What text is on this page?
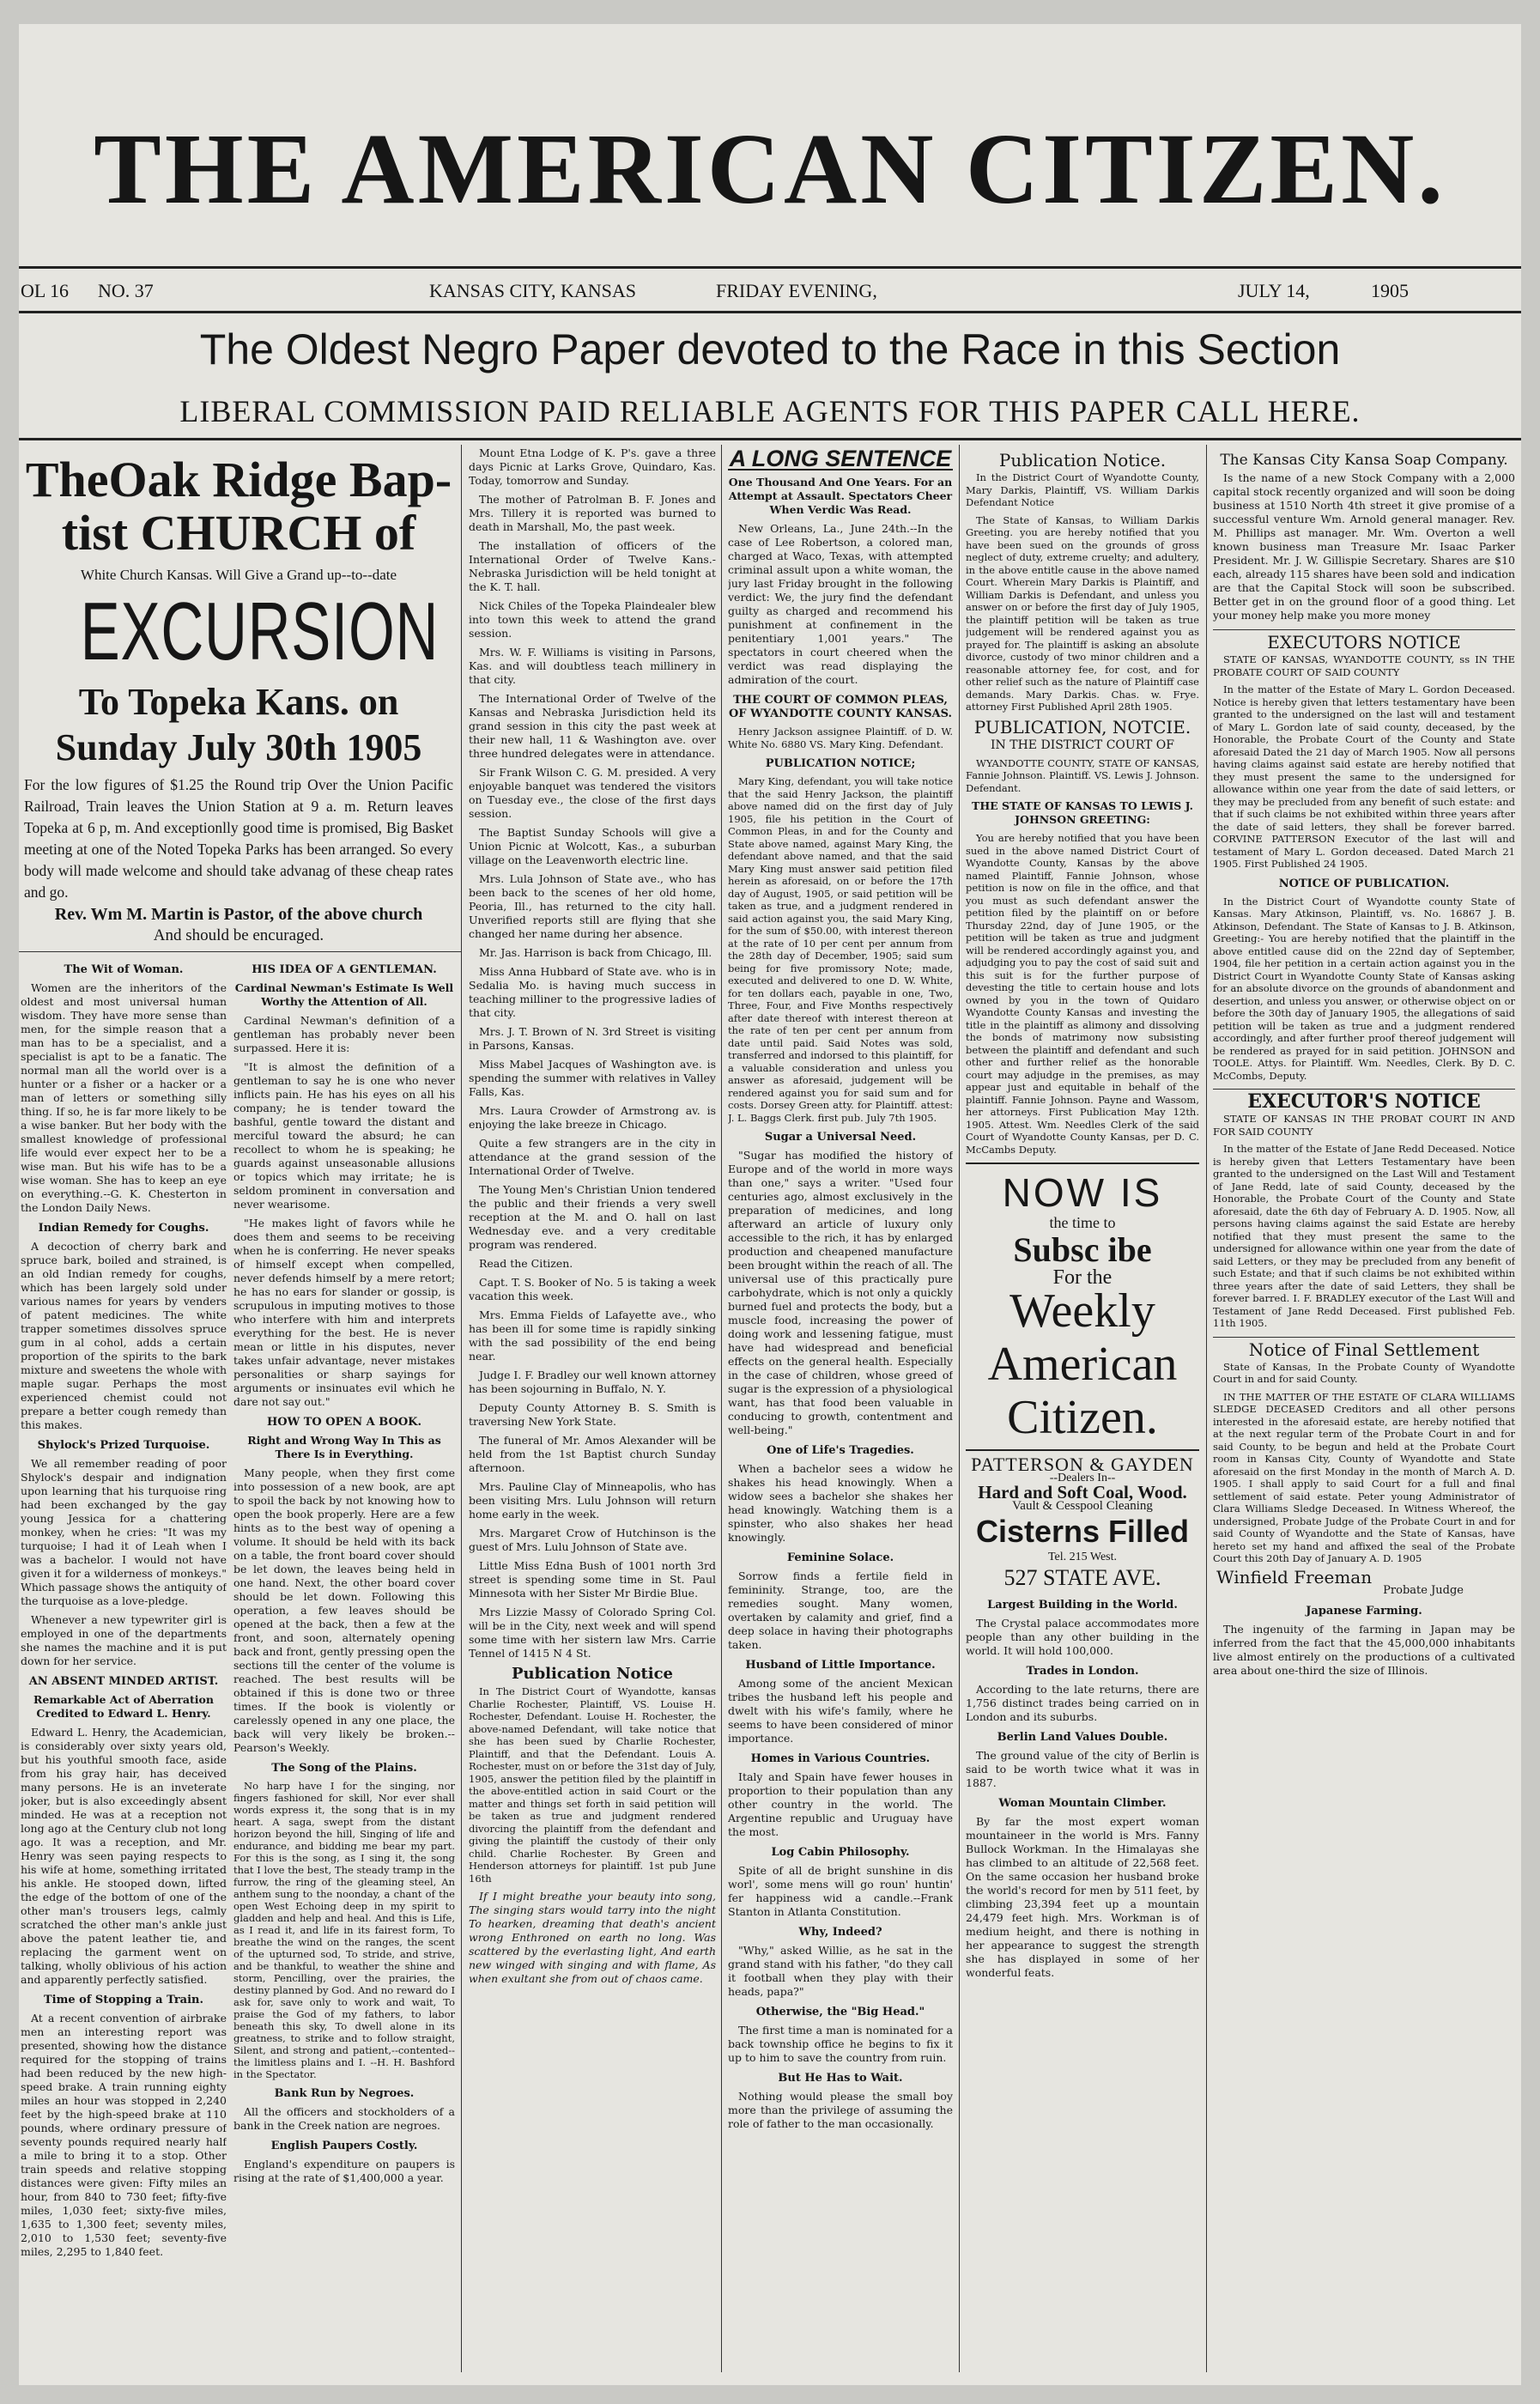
THE AMERICAN CITIZEN.
OL 16 NO. 37	KANSAS CITY, KANSAS	FRIDAY EVENING,	JULY 14,	1905
The Oldest Negro Paper devoted to the Race in this Section
LIBERAL COMMISSION PAID RELIABLE AGENTS FOR THIS PAPER CALL HERE.
TheOak Ridge Bap-
tist CHURCH of
White Church Kansas. Will Give a Grand up--to--date
EXCURSION
To Topeka Kans. on
Sunday July 30th 1905
For the low figures of $1.25 the Round trip Over the Union Pacific Railroad, Train leaves the Union Station at 9 a. m. Return leaves Topeka at 6 p, m. And exceptionlly good time is promised, Big Basket meeting at one of the Noted Topeka Parks has been arranged. So every body will made welcome and should take advanag of these cheap rates and go.
Rev. Wm M. Martin is Pastor, of the above church
And should be encuraged.
The Wit of Woman.

Women are the inheritors of the oldest and most universal human wisdom. They have more sense than men, for the simple reason that a man has to be a specialist, and a specialist is apt to be a fanatic. The normal man all the world over is a hunter or a fisher or a hacker or a man of letters or something silly thing. If so, he is far more likely to be a wise banker. But her body with the smallest knowledge of professional life would ever expect her to be a wise man. But his wife has to be a wise woman. She has to keep an eye on everything.--G. K. Chesterton in the London Daily News.

Indian Remedy for Coughs.

A decoction of cherry bark and spruce bark, boiled and strained, is an old Indian remedy for coughs, which has been largely sold under various names for years by venders of patent medicines. The white trapper sometimes dissolves spruce gum in al cohol, adds a certain proportion of the spirits to the bark mixture and sweetens the whole with maple sugar. Perhaps the most experienced chemist could not prepare a better cough remedy than this makes.

Shylock's Prized Turquoise.

We all remember reading of poor Shylock's despair and indignation upon learning that his turquoise ring had been exchanged by the gay young Jessica for a chattering monkey, when he cries: "It was my turquoise; I had it of Leah when I was a bachelor. I would not have given it for a wilderness of monkeys." Which passage shows the antiquity of the turquoise as a love-pledge.

Whenever a new typewriter girl is employed in one of the departments she names the machine and it is put down for her service.

AN ABSENT MINDED ARTIST.
Remarkable Act of Aberration Credited to Edward L. Henry.

Edward L. Henry, the Academician, is considerably over sixty years old, but his youthful smooth face, aside from his gray hair, has deceived many persons. He is an inveterate joker, but is also exceedingly absent minded. He was at a reception not long ago at the Century club not long ago. It was a reception, and Mr. Henry was seen paying respects to his wife at home, something irritated his ankle. He stooped down, lifted the edge of the bottom of one of the other man's trousers legs, calmly scratched the other man's ankle just above the patent leather tie, and replacing the garment went on talking, wholly oblivious of his action and apparently perfectly satisfied.

Time of Stopping a Train.

At a recent convention of airbrake men an interesting report was presented, showing how the distance required for the stopping of trains had been reduced by the new high-speed brake. A train running eighty miles an hour was stopped in 2,240 feet by the high-speed brake at 110 pounds, where ordinary pressure of seventy pounds required nearly half a mile to bring it to a stop. Other train speeds and relative stopping distances were given: Fifty miles an hour, from 840 to 730 feet; fifty-five miles, 1,030 feet; sixty-five miles, 1,635 to 1,300 feet; seventy miles, 2,010 to 1,530 feet; seventy-five miles, 2,295 to 1,840 feet.

HIS IDEA OF A GENTLEMAN.
Cardinal Newman's Estimate Is Well Worthy the Attention of All.

Cardinal Newman's definition of a gentleman has probably never been surpassed. Here it is:

"It is almost the definition of a gentleman to say he is one who never inflicts pain. He has his eyes on all his company; he is tender toward the bashful, gentle toward the distant and merciful toward the absurd; he can recollect to whom he is speaking; he guards against unseasonable allusions or topics which may irritate; he is seldom prominent in conversation and never wearisome.

"He makes light of favors while he does them and seems to be receiving when he is conferring. He never speaks of himself except when compelled, never defends himself by a mere retort; he has no ears for slander or gossip, is scrupulous in imputing motives to those who interfere with him and interprets everything for the best. He is never mean or little in his disputes, never takes unfair advantage, never mistakes personalities or sharp sayings for arguments or insinuates evil which he dare not say out."

HOW TO OPEN A BOOK.
Right and Wrong Way In This as There Is in Everything.

Many people, when they first come into possession of a new book, are apt to spoil the back by not knowing how to open the book properly. Here are a few hints as to the best way of opening a volume. It should be held with its back on a table, the front board cover should be let down, the leaves being held in one hand. Next, the other board cover should be let down. Following this operation, a few leaves should be opened at the back, then a few at the front, and soon, alternately opening back and front, gently pressing open the sections till the center of the volume is reached. The best results will be obtained if this is done two or three times. If the book is violently or carelessly opened in any one place, the back will very likely be broken.--Pearson's Weekly.

The Song of the Plains.

No harp have I for the singing, nor fingers fashioned for skill, Nor ever shall words express it, the song that is in my heart. A saga, swept from the distant horizon beyond the hill, Singing of life and endurance, and bidding me bear my part. For this is the song, as I sing it, the song that I love the best, The steady tramp in the furrow, the ring of the gleaming steel, An anthem sung to the noonday, a chant of the open West Echoing deep in my spirit to gladden and help and heal. And this is Life, as I read it, and life in its fairest form, To breathe the wind on the ranges, the scent of the upturned sod, To stride, and strive, and be thankful, to weather the shine and storm, Pencilling, over the prairies, the destiny planned by God. And no reward do I ask for, save only to work and wait, To praise the God of my fathers, to labor beneath this sky, To dwell alone in its greatness, to strike and to follow straight, Silent, and strong and patient,--contented--the limitless plains and I. --H. H. Bashford in the Spectator.

Bank Run by Negroes.

All the officers and stockholders of a bank in the Creek nation are negroes.

English Paupers Costly.

England's expenditure on paupers is rising at the rate of $1,400,000 a year.

Mount Etna Lodge of K. P's. gave a three days Picnic at Larks Grove, Quindaro, Kas. Today, tomorrow and Sunday.

The mother of Patrolman B. F. Jones and Mrs. Tillery it is reported was burned to death in Marshall, Mo, the past week.

The installation of officers of the International Order of Twelve Kans.-Nebraska Jurisdiction will be held tonight at the K. T. hall.

Nick Chiles of the Topeka Plaindealer blew into town this week to attend the grand session.

Mrs. W. F. Williams is visiting in Parsons, Kas. and will doubtless teach millinery in that city.

The International Order of Twelve of the Kansas and Nebraska Jurisdiction held its grand session in this city the past week at their new hall, 11 & Washington ave. over three hundred delegates were in attendance.

Sir Frank Wilson C. G. M. presided. A very enjoyable banquet was tendered the visitors on Tuesday eve., the close of the first days session.

The Baptist Sunday Schools will give a Union Picnic at Wolcott, Kas., a suburban village on the Leavenworth electric line.

Mrs. Lula Johnson of State ave., who has been back to the scenes of her old home, Peoria, Ill., has returned to the city hall. Unverified reports still are flying that she changed her name during her absence.

Mr. Jas. Harrison is back from Chicago, Ill.

Miss Anna Hubbard of State ave. who is in Sedalia Mo. is having much success in teaching milliner to the progressive ladies of that city.

Mrs. J. T. Brown of N. 3rd Street is visiting in Parsons, Kansas.

Miss Mabel Jacques of Washington ave. is spending the summer with relatives in Valley Falls, Kas.

Mrs. Laura Crowder of Armstrong av. is enjoying the lake breeze in Chicago.

Quite a few strangers are in the city in attendance at the grand session of the International Order of Twelve.

The Young Men's Christian Union tendered the public and their friends a very swell reception at the M. and O. hall on last Wednesday eve. and a very creditable program was rendered.

Read the Citizen.

Capt. T. S. Booker of No. 5 is taking a week vacation this week.

Mrs. Emma Fields of Lafayette ave., who has been ill for some time is rapidly sinking with the sad possibility of the end being near.

Judge I. F. Bradley our well known attorney has been sojourning in Buffalo, N. Y.

Deputy County Attorney B. S. Smith is traversing New York State.

The funeral of Mr. Amos Alexander will be held from the 1st Baptist church Sunday afternoon.

Mrs. Pauline Clay of Minneapolis, who has been visiting Mrs. Lulu Johnson will return home early in the week.

Mrs. Margaret Crow of Hutchinson is the guest of Mrs. Lulu Johnson of State ave.

Little Miss Edna Bush of 1001 north 3rd street is spending some time in St. Paul Minnesota with her Sister Mr Birdie Blue.

Mrs Lizzie Massy of Colorado Spring Col. will be in the City, next week and will spend some time with her sistern law Mrs. Carrie Tennel of 1415 N 4 St.

Publication Notice

In The District Court of Wyandotte, kansas Charlie Rochester, Plaintiff, VS. Louise H. Rochester, Defendant. Louise H. Rochester, the above-named Defendant, will take notice that she has been sued by Charlie Rochester, Plaintiff, and that the Defendant. Louis A. Rochester, must on or before the 31st day of July, 1905, answer the petition filed by the plaintiff in the above-entitled action in said Court or the matter and things set forth in said petition will be taken as true and judgment rendered divorcing the plaintiff from the defendant and giving the plaintiff the custody of their only child. Charlie Rochester. By Green and Henderson attorneys for plaintiff. 1st pub June 16th

If I might breathe your beauty into song, The singing stars would tarry into the night To hearken, dreaming that death's ancient wrong Enthroned on earth no long. Was scattered by the everlasting light, And earth new winged with singing and with flame, As when exultant she from out of chaos came.

A LONG SENTENCE
One Thousand And One Years. For an Attempt at Assault. Spectators Cheer When Verdic Was Read.

New Orleans, La., June 24th.--In the case of Lee Robertson, a colored man, charged at Waco, Texas, with attempted criminal assult upon a white woman, the jury last Friday brought in the following verdict: We, the jury find the defendant guilty as charged and recommend his punishment at confinement in the penitentiary 1,001 years." The spectators in court cheered when the verdict was read displaying the admiration of the court.

THE COURT OF COMMON PLEAS, OF WYANDOTTE COUNTY KANSAS.

Henry Jackson assignee Plaintiff. of D. W. White No. 6880 VS. Mary King. Defendant.

PUBLICATION NOTICE;

Mary King, defendant, you will take notice that the said Henry Jackson, the plaintiff above named did on the first day of July 1905, file his petition in the Court of Common Pleas, in and for the County and State above named, against Mary King, the defendant above named, and that the said Mary King must answer said petition filed herein as aforesaid, on or before the 17th day of August, 1905, or said petition will be taken as true, and a judgment rendered in said action against you, the said Mary King, for the sum of $50.00, with interest thereon at the rate of 10 per cent per annum from the 28th day of December, 1905; said sum being for five promissory Note; made, executed and delivered to one D. W. White, for ten dollars each, payable in one, Two, Three, Four, and Five Months respectively after date thereof with interest thereon at the rate of ten per cent per annum from date until paid. Said Notes was sold, transferred and indorsed to this plaintiff, for a valuable consideration and unless you answer as aforesaid, judgement will be rendered against you for said sum and for costs. Dorsey Green atty. for Plaintiff. attest: J. L. Baggs Clerk. first pub. July 7th 1905.

Sugar a Universal Need.

"Sugar has modified the history of Europe and of the world in more ways than one," says a writer. "Used four centuries ago, almost exclusively in the preparation of medicines, and long afterward an article of luxury only accessible to the rich, it has by enlarged production and cheapened manufacture been brought within the reach of all. The universal use of this practically pure carbohydrate, which is not only a quickly burned fuel and protects the body, but a muscle food, increasing the power of doing work and lessening fatigue, must have had widespread and beneficial effects on the general health. Especially in the case of children, whose greed of sugar is the expression of a physiological want, has that food been valuable in conducing to growth, contentment and well-being."

One of Life's Tragedies.

When a bachelor sees a widow he shakes his head knowingly. When a widow sees a bachelor she shakes her head knowingly. Watching them is a spinster, who also shakes her head knowingly.

Feminine Solace.

Sorrow finds a fertile field in femininity. Strange, too, are the remedies sought. Many women, overtaken by calamity and grief, find a deep solace in having their photographs taken.

Husband of Little Importance.

Among some of the ancient Mexican tribes the husband left his people and dwelt with his wife's family, where he seems to have been considered of minor importance.

Homes in Various Countries.

Italy and Spain have fewer houses in proportion to their population than any other country in the world. The Argentine republic and Uruguay have the most.

Log Cabin Philosophy.

Spite of all de bright sunshine in dis worl', some mens will go roun' huntin' fer happiness wid a candle.--Frank Stanton in Atlanta Constitution.

Why, Indeed?

"Why," asked Willie, as he sat in the grand stand with his father, "do they call it football when they play with their heads, papa?"

Otherwise, the "Big Head."

The first time a man is nominated for a back township office he begins to fix it up to him to save the country from ruin.

But He Has to Wait.

Nothing would please the small boy more than the privilege of assuming the role of father to the man occasionally.

Publication Notice.

In the District Court of Wyandotte County, Mary Darkis, Plaintiff, VS. William Darkis Defendant Notice

The State of Kansas, to William Darkis Greeting. you are hereby notified that you have been sued on the grounds of gross neglect of duty, extreme cruelty; and adultery, in the above entitle cause in the above named Court. Wherein Mary Darkis is Plaintiff, and William Darkis is Defendant, and unless you answer on or before the first day of July 1905, the plaintiff petition will be taken as true judgement will be rendered against you as prayed for. The plaintiff is asking an absolute divorce, custody of two minor children and a reasonable attorney fee, for cost, and for other relief such as the nature of Plaintiff case demands. Mary Darkis. Chas. w. Frye. attorney First Published April 28th 1905.

PUBLICATION, NOTCIE.
IN THE DISTRICT COURT OF

WYANDOTTE COUNTY, STATE OF KANSAS, Fannie Johnson. Plaintiff. VS. Lewis J. Johnson. Defendant.

THE STATE OF KANSAS TO LEWIS J. JOHNSON GREETING:

You are hereby notified that you have been sued in the above named District Court of Wyandotte County, Kansas by the above named Plaintiff, Fannie Johnson, whose petition is now on file in the office, and that you must as such defendant answer the petition filed by the plaintiff on or before Thursday 22nd, day of June 1905, or the petition will be taken as true and judgment will be rendered accordingly against you, and adjudging you to pay the cost of said suit and this suit is for the further purpose of devesting the title to certain house and lots owned by you in the town of Quidaro Wyandotte County Kansas and investing the title in the plaintiff as alimony and dissolving the bonds of matrimony now subsisting between the plaintiff and defendant and such other and further relief as the honorable court may adjudge in the premises, as may appear just and equitable in behalf of the plaintiff. Fannie Johnson. Payne and Wassom, her attorneys. First Publication May 12th. 1905. Attest. Wm. Needles Clerk of the said Court of Wyandotte County Kansas, per D. C. McCambs Deputy.

NOW IS
the time to
Subsc ibe
For the
Weekly
American
Citizen.
PATTERSON & GAYDEN
--Dealers In--
Hard and Soft Coal, Wood.
Vault & Cesspool Cleaning
Cisterns Filled
Tel. 215 West.
527 STATE AVE.
Largest Building in the World.

The Crystal palace accommodates more people than any other building in the world. It will hold 100,000.

Trades in London.

According to the late returns, there are 1,756 distinct trades being carried on in London and its suburbs.

Berlin Land Values Double.

The ground value of the city of Berlin is said to be worth twice what it was in 1887.

Woman Mountain Climber.

By far the most expert woman mountaineer in the world is Mrs. Fanny Bullock Workman. In the Himalayas she has climbed to an altitude of 22,568 feet. On the same occasion her husband broke the world's record for men by 511 feet, by climbing 23,394 feet up a mountain 24,479 feet high. Mrs. Workman is of medium height, and there is nothing in her appearance to suggest the strength she has displayed in some of her wonderful feats.

The Kansas City Kansa Soap Company.

Is the name of a new Stock Company with a 2,000 capital stock recently organized and will soon be doing business at 1510 North 4th street it give promise of a successful venture Wm. Arnold general manager. Rev. M. Phillips ast manager. Mr. Wm. Overton a well known business man Treasure Mr. Isaac Parker President. Mr. J. W. Gillispie Secretary. Shares are $10 each, already 115 shares have been sold and indication are that the Capital Stock will soon be subscribed. Better get in on the ground floor of a good thing. Let your money help make you more money

EXECUTORS NOTICE

STATE OF KANSAS, WYANDOTTE COUNTY, ss IN THE PROBATE COURT OF SAID COUNTY

In the matter of the Estate of Mary L. Gordon Deceased. Notice is hereby given that letters testamentary have been granted to the undersigned on the last will and testament of Mary L. Gordon late of said county, deceased, by the Honorable, the Probate Court of the County and State aforesaid Dated the 21 day of March 1905. Now all persons having claims against said estate are hereby notified that they must present the same to the undersigned for allowance within one year from the date of said letters, or they may be precluded from any benefit of such estate: and that if such claims be not exhibited within three years after the date of said letters, they shall be forever barred. CORVINE PATTERSON Executor of the last will and testament of Mary L. Gordon deceased. Dated March 21 1905. First Published 24 1905.

NOTICE OF PUBLICATION.

In the District Court of Wyandotte county State of Kansas. Mary Atkinson, Plaintiff, vs. No. 16867 J. B. Atkinson, Defendant. The State of Kansas to J. B. Atkinson, Greeting:- You are hereby notified that the plaintiff in the above entitled cause did on the 22nd day of September, 1904, file her petition in a certain action against you in the District Court in Wyandotte County State of Kansas asking for an absolute divorce on the grounds of abandonment and desertion, and unless you answer, or otherwise object on or before the 30th day of January 1905, the allegations of said petition will be taken as true and a judgment rendered accordingly, and after further proof thereof judgement will be rendered as prayed for in said petition. JOHNSON and TOOLE. Attys. for Plaintiff. Wm. Needles, Clerk. By D. C. McCombs, Deputy.

EXECUTOR'S NOTICE

STATE OF KANSAS IN THE PROBAT COURT IN AND FOR SAID COUNTY

In the matter of the Estate of Jane Redd Deceased. Notice is hereby given that Letters Testamentary have been granted to the undersigned on the Last Will and Testament of Jane Redd, late of said County, deceased by the Honorable, the Probate Court of the County and State aforesaid, date the 6th day of February A. D. 1905. Now, all persons having claims against the said Estate are hereby notified that they must present the same to the undersigned for allowance within one year from the date of said Letters, or they may be precluded from any benefit of such Estate; and that if such claims be not exhibited within three years after the date of said Letters, they shall be forever barred. I. F. BRADLEY executor of the Last Will and Testament of Jane Redd Deceased. First published Feb. 11th 1905.

Notice of Final Settlement

State of Kansas, In the Probate County of Wyandotte Court in and for said County.

IN THE MATTER OF THE ESTATE OF CLARA WILLIAMS SLEDGE DECEASED Creditors and all other persons interested in the aforesaid estate, are hereby notified that at the next regular term of the Probate Court in and for said County, to be begun and held at the Probate Court room in Kansas City, County of Wyandotte and State aforesaid on the first Monday in the month of March A. D. 1905. I shall apply to said Court for a full and final settlement of said estate. Peter young Administrator of Clara Williams Sledge Deceased. In Witness Whereof, the undersigned, Probate Judge of the Probate Court in and for said County of Wyandotte and the State of Kansas, have hereto set my hand and affixed the seal of the Probate Court this 20th Day of January A. D. 1905

Winfield Freeman
Probate Judge
Japanese Farming.

The ingenuity of the farming in Japan may be inferred from the fact that the 45,000,000 inhabitants live almost entirely on the productions of a cultivated area about one-third the size of Illinois.
